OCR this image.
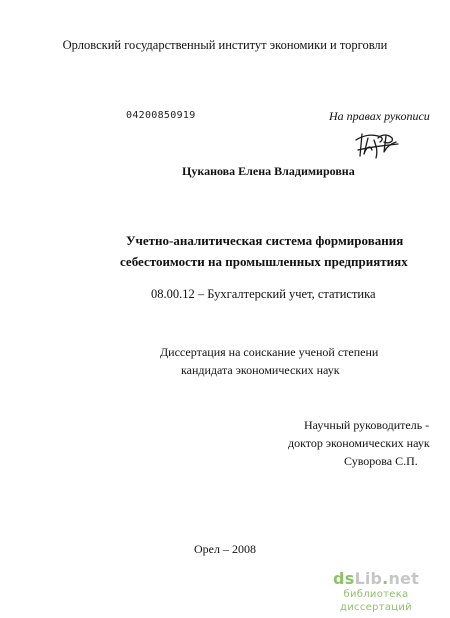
Орловский государственный институт экономики и торговли
04200850919	На правах рукописи
Цуканова Елена Владимировна
Учетно-аналитическая система формирования
себестоимости на промышленных предприятиях
08.00.12 – Бухгалтерский учет, статистика
Диссертация на соискание ученой степени
кандидата экономических наук
Научный руководитель -
доктор экономических наук
Суворова С.П.
Орел – 2008
dsLib.net
библиотека диссертаций
